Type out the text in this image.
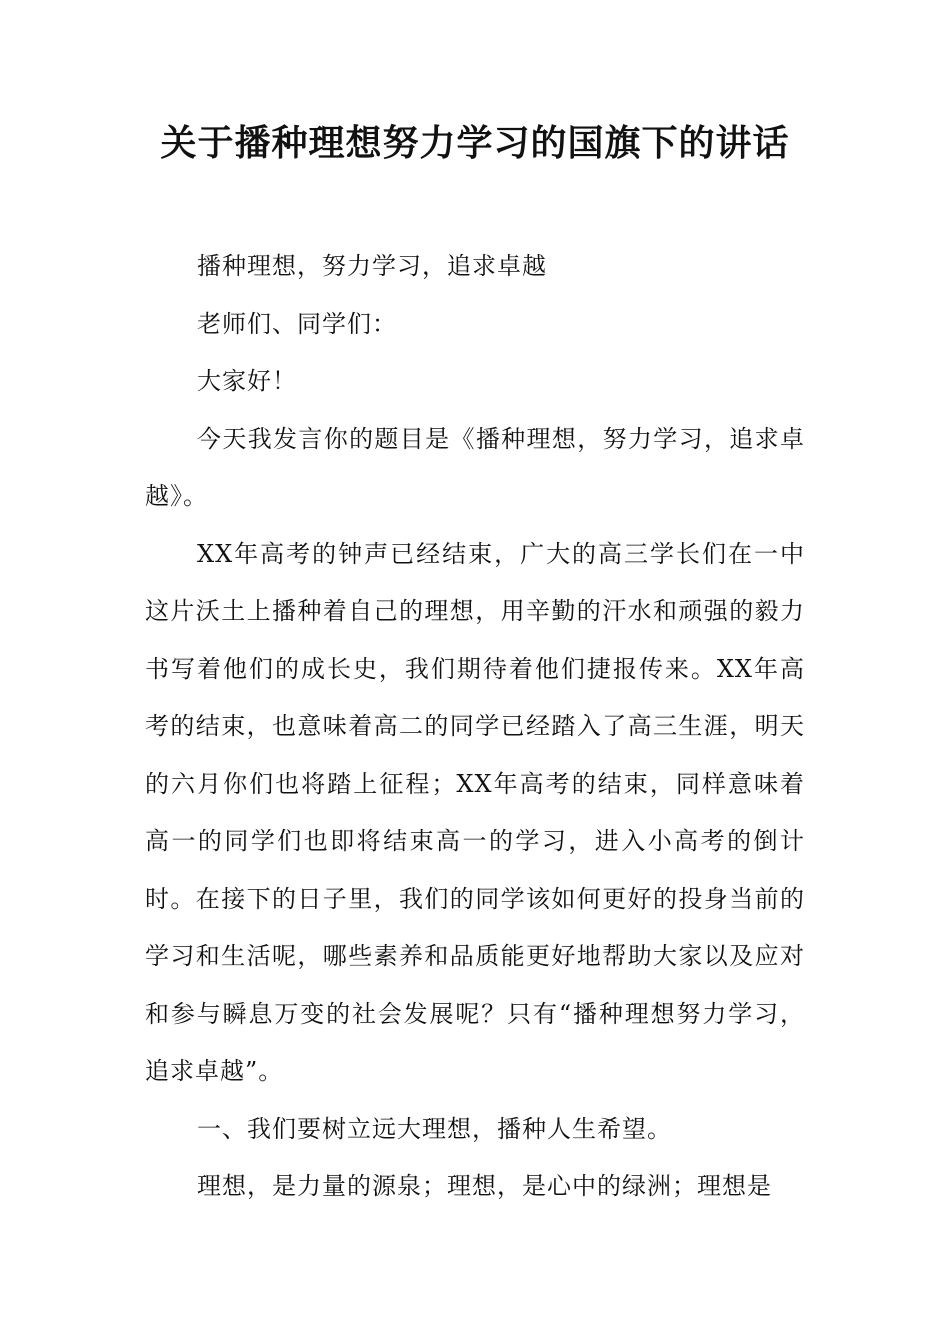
关于播种理想努力学习的国旗下的讲话

播种理想，努力学习，追求卓越

老师们、同学们：

大家好！

今天我发言你的题目是《播种理想，努力学习，追求卓越》。

XX年高考的钟声已经结束，广大的高三学长们在一中这片沃土上播种着自己的理想，用辛勤的汗水和顽强的毅力书写着他们的成长史，我们期待着他们捷报传来。XX年高考的结束，也意味着高二的同学已经踏入了高三生涯，明天的六月你们也将踏上征程；XX年高考的结束，同样意味着高一的同学们也即将结束高一的学习，进入小高考的倒计时。在接下的日子里，我们的同学该如何更好的投身当前的学习和生活呢，哪些素养和品质能更好地帮助大家以及应对和参与瞬息万变的社会发展呢？只有“播种理想努力学习，追求卓越”。

一、我们要树立远大理想，播种人生希望。

理想，是力量的源泉；理想，是心中的绿洲；理想是
